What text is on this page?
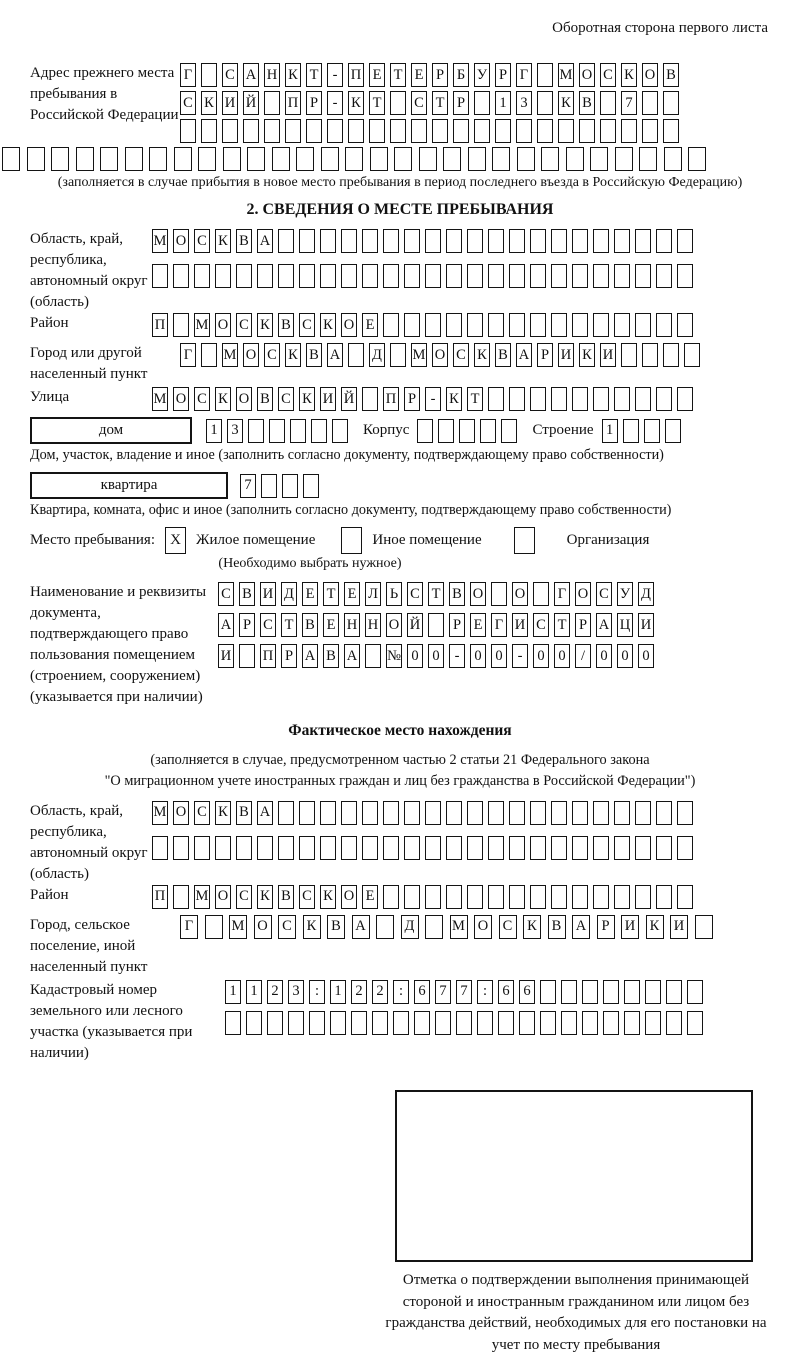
Оборотная сторона первого листа
Адрес прежнего места пребывания в Российской Федерации
Г С А Н К Т - П Е Т Е Р Б У Р Г М О С К О В
С К И Й П Р	- К Т С Т Р	1 3	К В	7
(заполняется в случае прибытия в новое место пребывания в период последнего въезда в Российскую Федерацию)
2. СВЕДЕНИЯ О МЕСТЕ ПРЕБЫВАНИЯ
Область, край, республика, автономный округ (область)
М О С К В А
Район	П М О С К В С К О Е
Город или другой населенный пункт
Г М О С К В А Д М О С К В А Р И К И
Улица	М О С К О В С К И Й П Р	- К Т
дом	1 3	Корпус	Строение 1
Дом, участок, владение и иное (заполнить согласно документу, подтверждающему право собственности)
квартира	7
Квартира, комната, офис и иное (заполнить согласно документу, подтверждающему право собственности)
Место пребывания:	X	Жилое помещение	Иное помещение	Организация
(Необходимо выбрать нужное)
Наименование и реквизиты документа, подтверждающего право пользования помещением (строением, сооружением) (указывается при наличии)
С В И Д Е Т Е Л Ь С Т В О О Г О С У Д
А Р С Т В Е Н Н О Й Р Е Г И С Т Р А Ц И
И П Р А В А № 0 0	-	0 0	-	0 0	/	0 0 0
Фактическое место нахождения
(заполняется в случае, предусмотренном частью 2 статьи 21 Федерального закона
"О миграционном учете иностранных граждан и лиц без гражданства в Российской Федерации")
Область, край, республика, автономный округ (область)
М О С К В А
Район	П М О С К В С К О Е
Город, сельское поселение, иной населенный пункт
Г	М О С К В А	Д	М О С К В А	Р	И К И
Кадастровый номер земельного или лесного участка (указывается при наличии)
1 1 2 3	:	1 2 2	:	6 7 7	:	6 6
Отметка о подтверждении выполнения принимающей стороной и иностранным гражданином или лицом без гражданства действий, необходимых для его постановки на учет по месту пребывания
